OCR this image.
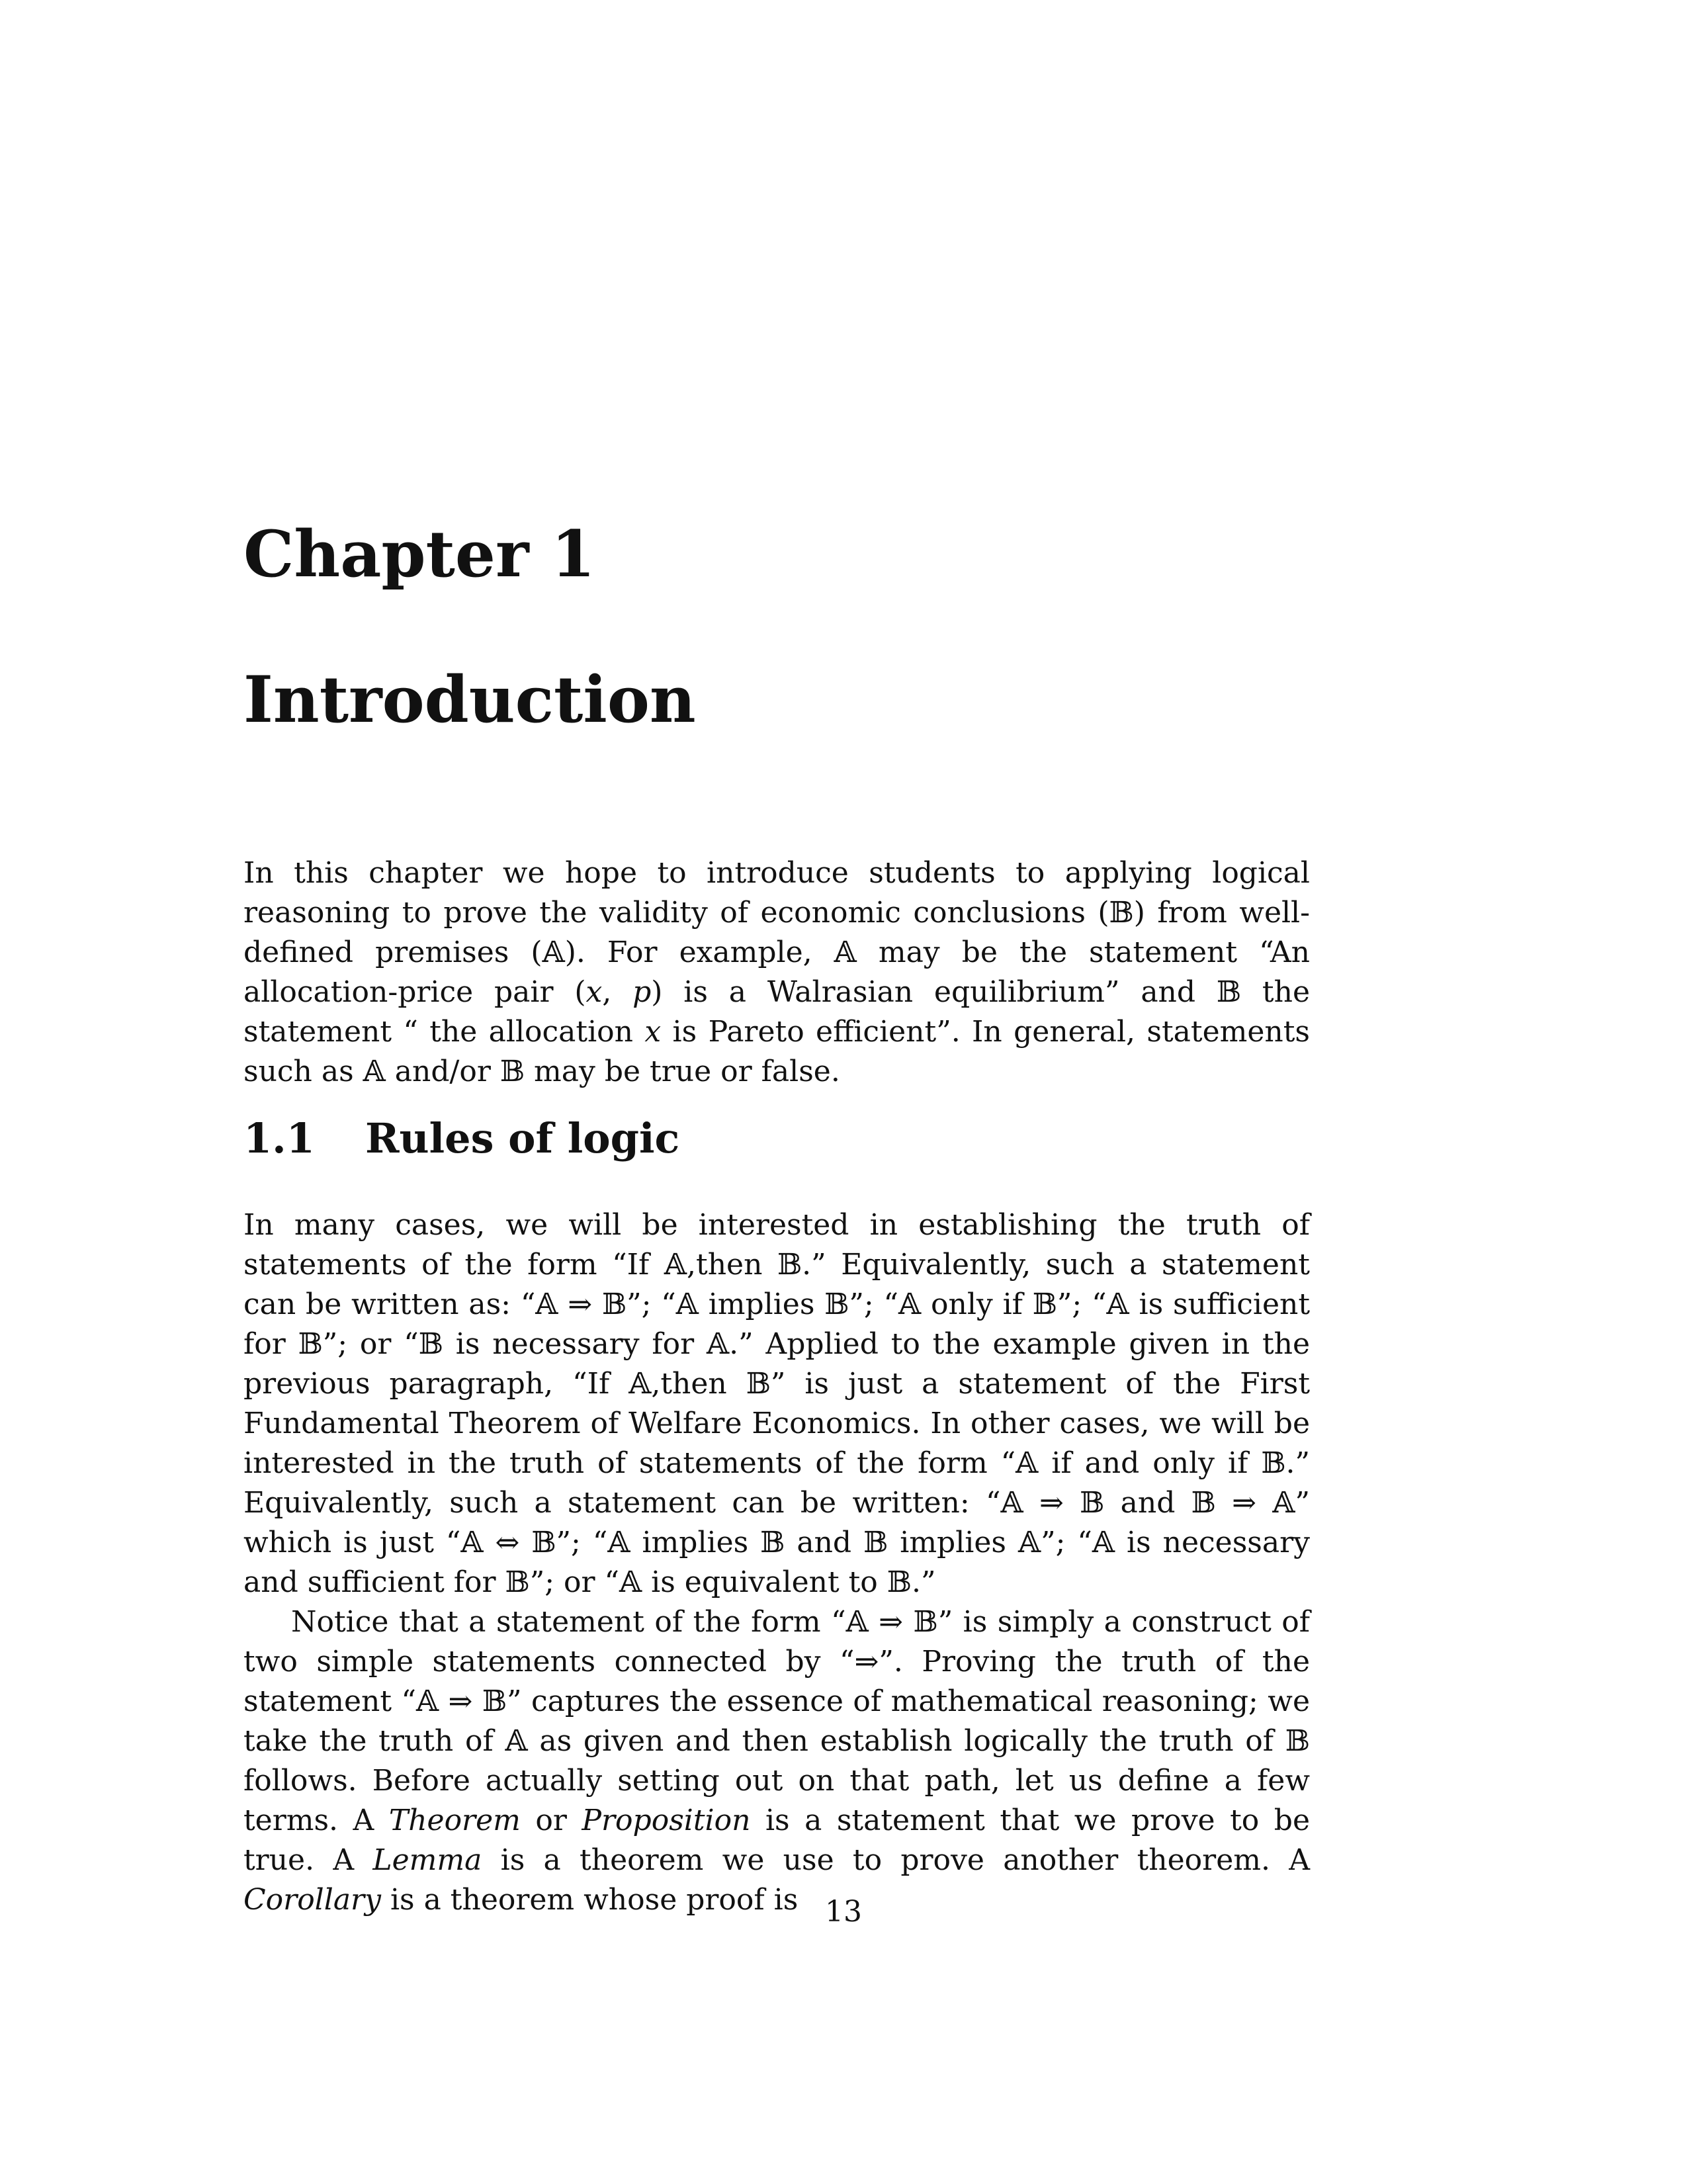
Chapter 1
Introduction

In this chapter we hope to introduce students to applying logical reasoning to prove the validity of economic conclusions (𝔹) from well-defined premises (𝔸). For example, 𝔸 may be the statement “An allocation-price pair (𝑥, 𝑝) is a Walrasian equilibrium” and 𝔹 the statement “ the allocation 𝑥 is Pareto efficient”. In general, statements such as 𝔸 and/or 𝔹 may be true or false.

1.1 Rules of logic

In many cases, we will be interested in establishing the truth of statements of the form “If 𝔸,then 𝔹.” Equivalently, such a statement can be written as: “𝔸 ⇒ 𝔹”; “𝔸 implies 𝔹”; “𝔸 only if 𝔹”; “𝔸 is sufficient for 𝔹”; or “𝔹 is necessary for 𝔸.” Applied to the example given in the previous paragraph, “If 𝔸,then 𝔹” is just a statement of the First Fundamental Theorem of Welfare Economics. In other cases, we will be interested in the truth of statements of the form “𝔸 if and only if 𝔹.” Equivalently, such a statement can be written: “𝔸 ⇒ 𝔹 and 𝔹 ⇒ 𝔸” which is just “𝔸 ⇔ 𝔹”; “𝔸 implies 𝔹 and 𝔹 implies 𝔸”; “𝔸 is necessary and sufficient for 𝔹”; or “𝔸 is equivalent to 𝔹.”

Notice that a statement of the form “𝔸 ⇒ 𝔹” is simply a construct of two simple statements connected by “⇒”. Proving the truth of the statement “𝔸 ⇒ 𝔹” captures the essence of mathematical reasoning; we take the truth of 𝔸 as given and then establish logically the truth of 𝔹 follows. Before actually setting out on that path, let us define a few terms. A Theorem or Proposition is a statement that we prove to be true. A Lemma is a theorem we use to prove another theorem. A Corollary is a theorem whose proof is 13
